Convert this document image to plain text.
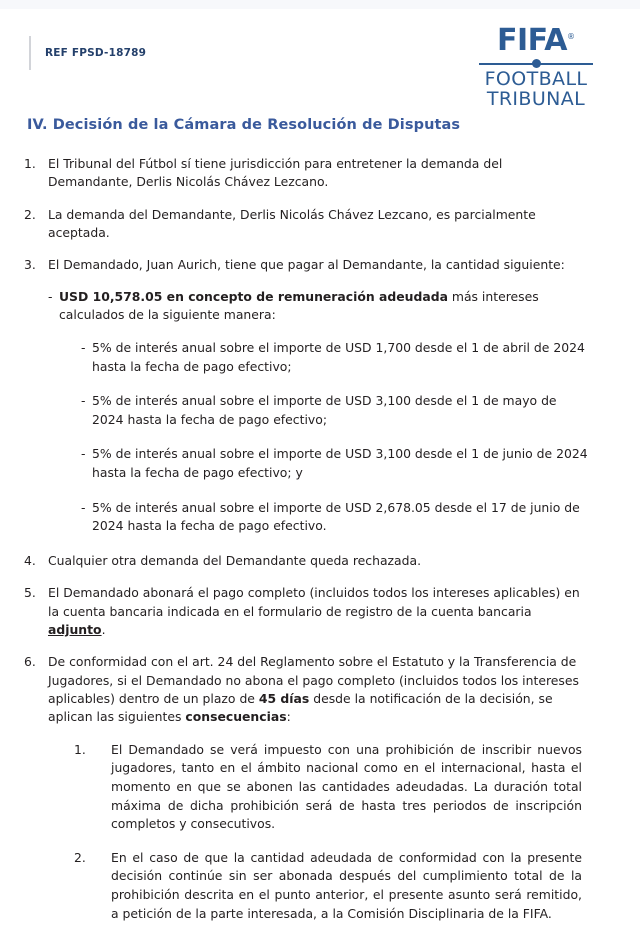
REF FPSD-18789	FIFA®
FOOTBALL
TRIBUNAL
IV. Decisión de la Cámara de Resolución de Disputas
1. El Tribunal del Fútbol sí tiene jurisdicción para entretener la demanda del Demandante, Derlis Nicolás Chávez Lezcano.
2. La demanda del Demandante, Derlis Nicolás Chávez Lezcano, es parcialmente aceptada.
3. El Demandado, Juan Aurich, tiene que pagar al Demandante, la cantidad siguiente:
- USD 10,578.05 en concepto de remuneración adeudada más intereses calculados de la siguiente manera:
- 5% de interés anual sobre el importe de USD 1,700 desde el 1 de abril de 2024 hasta la fecha de pago efectivo;
- 5% de interés anual sobre el importe de USD 3,100 desde el 1 de mayo de 2024 hasta la fecha de pago efectivo;
- 5% de interés anual sobre el importe de USD 3,100 desde el 1 de junio de 2024 hasta la fecha de pago efectivo; y
- 5% de interés anual sobre el importe de USD 2,678.05 desde el 17 de junio de 2024 hasta la fecha de pago efectivo.
4. Cualquier otra demanda del Demandante queda rechazada.
5. El Demandado abonará el pago completo (incluidos todos los intereses aplicables) en la cuenta bancaria indicada en el formulario de registro de la cuenta bancaria adjunto.
6. De conformidad con el art. 24 del Reglamento sobre el Estatuto y la Transferencia de Jugadores, si el Demandado no abona el pago completo (incluidos todos los intereses aplicables) dentro de un plazo de 45 días desde la notificación de la decisión, se aplican las siguientes consecuencias:
1.	El Demandado se verá impuesto con una prohibición de inscribir nuevos jugadores, tanto en el ámbito nacional como en el internacional, hasta el momento en que se abonen las cantidades adeudadas. La duración total máxima de dicha prohibición será de hasta tres periodos de inscripción completos y consecutivos.
2.	En el caso de que la cantidad adeudada de conformidad con la presente decisión continúe sin ser abonada después del cumplimiento total de la prohibición descrita en el punto anterior, el presente asunto será remitido, a petición de la parte interesada, a la Comisión Disciplinaria de la FIFA.
